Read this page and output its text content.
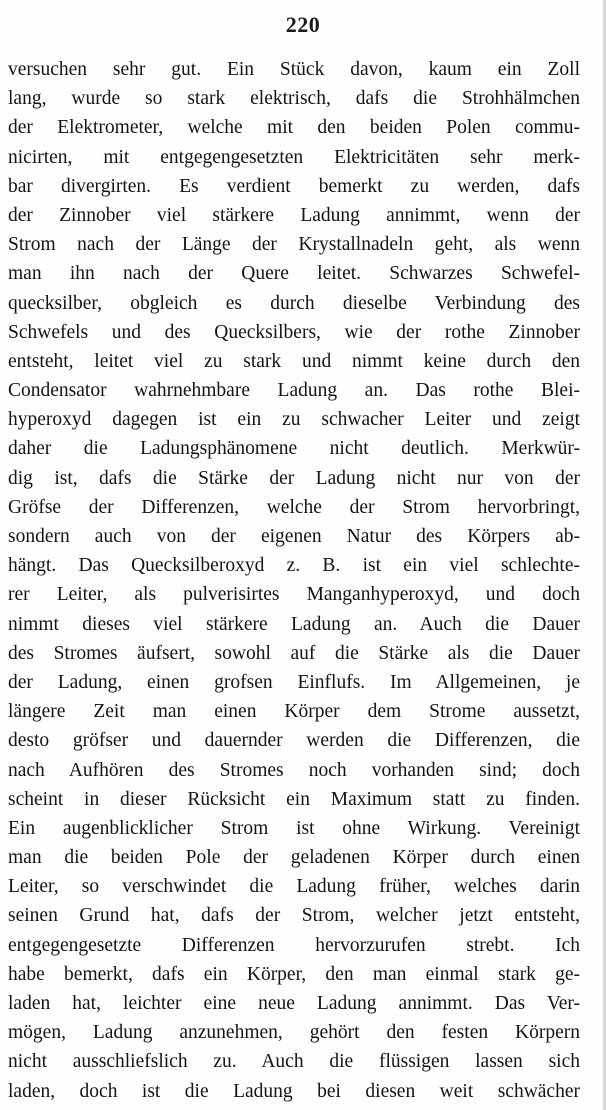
220
versuchen sehr gut. Ein Stück davon, kaum ein Zoll
lang, wurde so stark elektrisch, dafs die Strohhälmchen
der Elektrometer, welche mit den beiden Polen commu-
nicirten, mit entgegengesetzten Elektricitäten sehr merk-
bar divergirten. Es verdient bemerkt zu werden, dafs
der Zinnober viel stärkere Ladung annimmt, wenn der
Strom nach der Länge der Krystallnadeln geht, als wenn
man ihn nach der Quere leitet. Schwarzes Schwefel-
quecksilber, obgleich es durch dieselbe Verbindung des
Schwefels und des Quecksilbers, wie der rothe Zinnober
entsteht, leitet viel zu stark und nimmt keine durch den
Condensator wahrnehmbare Ladung an. Das rothe Blei-
hyperoxyd dagegen ist ein zu schwacher Leiter und zeigt
daher die Ladungsphänomene nicht deutlich. Merkwür-
dig ist, dafs die Stärke der Ladung nicht nur von der
Gröfse der Differenzen, welche der Strom hervorbringt,
sondern auch von der eigenen Natur des Körpers ab-
hängt. Das Quecksilberoxyd z. B. ist ein viel schlechte-
rer Leiter, als pulverisirtes Manganhyperoxyd, und doch
nimmt dieses viel stärkere Ladung an. Auch die Dauer
des Stromes äufsert, sowohl auf die Stärke als die Dauer
der Ladung, einen grofsen Einflufs. Im Allgemeinen, je
längere Zeit man einen Körper dem Strome aussetzt,
desto gröfser und dauernder werden die Differenzen, die
nach Aufhören des Stromes noch vorhanden sind; doch
scheint in dieser Rücksicht ein Maximum statt zu finden.
Ein augenblicklicher Strom ist ohne Wirkung. Vereinigt
man die beiden Pole der geladenen Körper durch einen
Leiter, so verschwindet die Ladung früher, welches darin
seinen Grund hat, dafs der Strom, welcher jetzt entsteht,
entgegengesetzte Differenzen hervorzurufen strebt. Ich
habe bemerkt, dafs ein Körper, den man einmal stark ge-
laden hat, leichter eine neue Ladung annimmt. Das Ver-
mögen, Ladung anzunehmen, gehört den festen Körpern
nicht ausschliefslich zu. Auch die flüssigen lassen sich
laden, doch ist die Ladung bei diesen weit schwächer
